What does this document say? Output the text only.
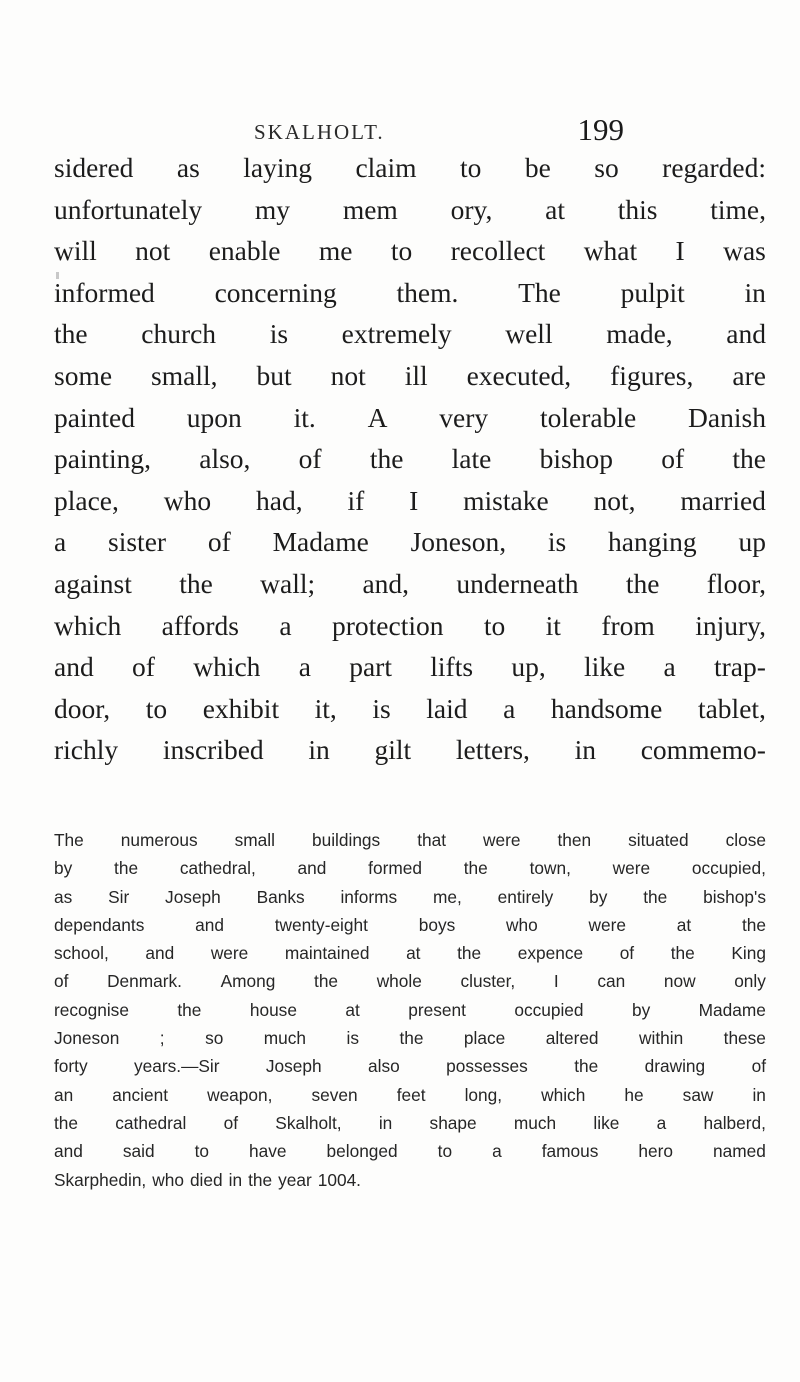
SKALHOLT.	199
sidered as laying claim to be so regarded:
unfortunately my mem ory, at this time,
will not enable me to recollect what I was
informed concerning them. The pulpit in
the church is extremely well made, and
some small, but not ill executed, figures, are
painted upon it. A very tolerable Danish
painting, also, of the late bishop of the
place, who had, if I mistake not, married
a sister of Madame Joneson, is hanging up
against the wall; and, underneath the floor,
which affords a protection to it from injury,
and of which a part lifts up, like a trap-
door, to exhibit it, is laid a handsome tablet,
richly inscribed in gilt letters, in commemo-
The numerous small buildings that were then situated close
by the cathedral, and formed the town, were occupied,
as Sir Joseph Banks informs me, entirely by the bishop's
dependants	and	twenty-eight	boys	who	were	at	the
school, and were maintained at the expence of the King
of Denmark. Among the whole cluster, I can now only
recognise	the	house	at	present	occupied	by	Madame
Joneson ; so much is the place altered within these
forty	years.—Sir	Joseph	also	possesses	the	drawing	of
an ancient weapon, seven feet long, which he saw in
the cathedral of Skalholt, in shape much like a halberd,
and said to have belonged to a famous hero named
Skarphedin, who died in the year 1004.
